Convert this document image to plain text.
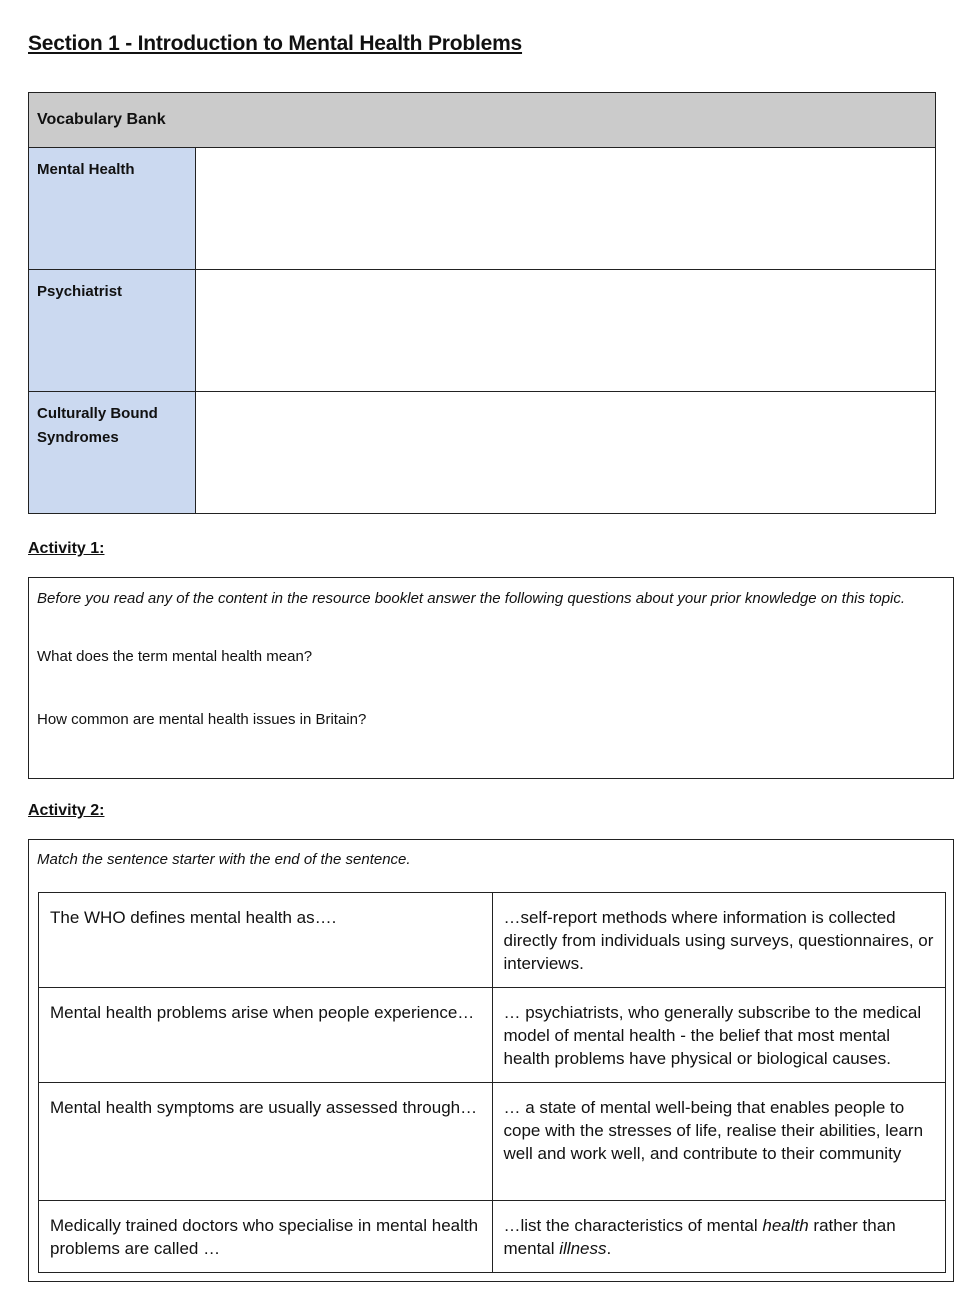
Section 1 - Introduction to Mental Health Problems
Vocabulary Bank	
Mental Health	
Psychiatrist	
Culturally Bound Syndromes	
Activity 1:

Before you read any of the content in the resource booklet answer the following questions about your prior knowledge on this topic.

What does the term mental health mean?
How common are mental health issues in Britain?
Activity 2:
Match the sentence starter with the end of the sentence.
The WHO defines mental health as….	…self-report methods where information is collected directly from individuals using surveys, questionnaires, or interviews.
Mental health problems arise when people experience…	… psychiatrists, who generally subscribe to the medical model of mental health - the belief that most mental health problems have physical or biological causes.
Mental health symptoms are usually assessed through…	… a state of mental well-being that enables people to cope with the stresses of life, realise their abilities, learn well and work well, and contribute to their community
Medically trained doctors who specialise in mental health problems are called …	…list the characteristics of mental health rather than mental illness.
